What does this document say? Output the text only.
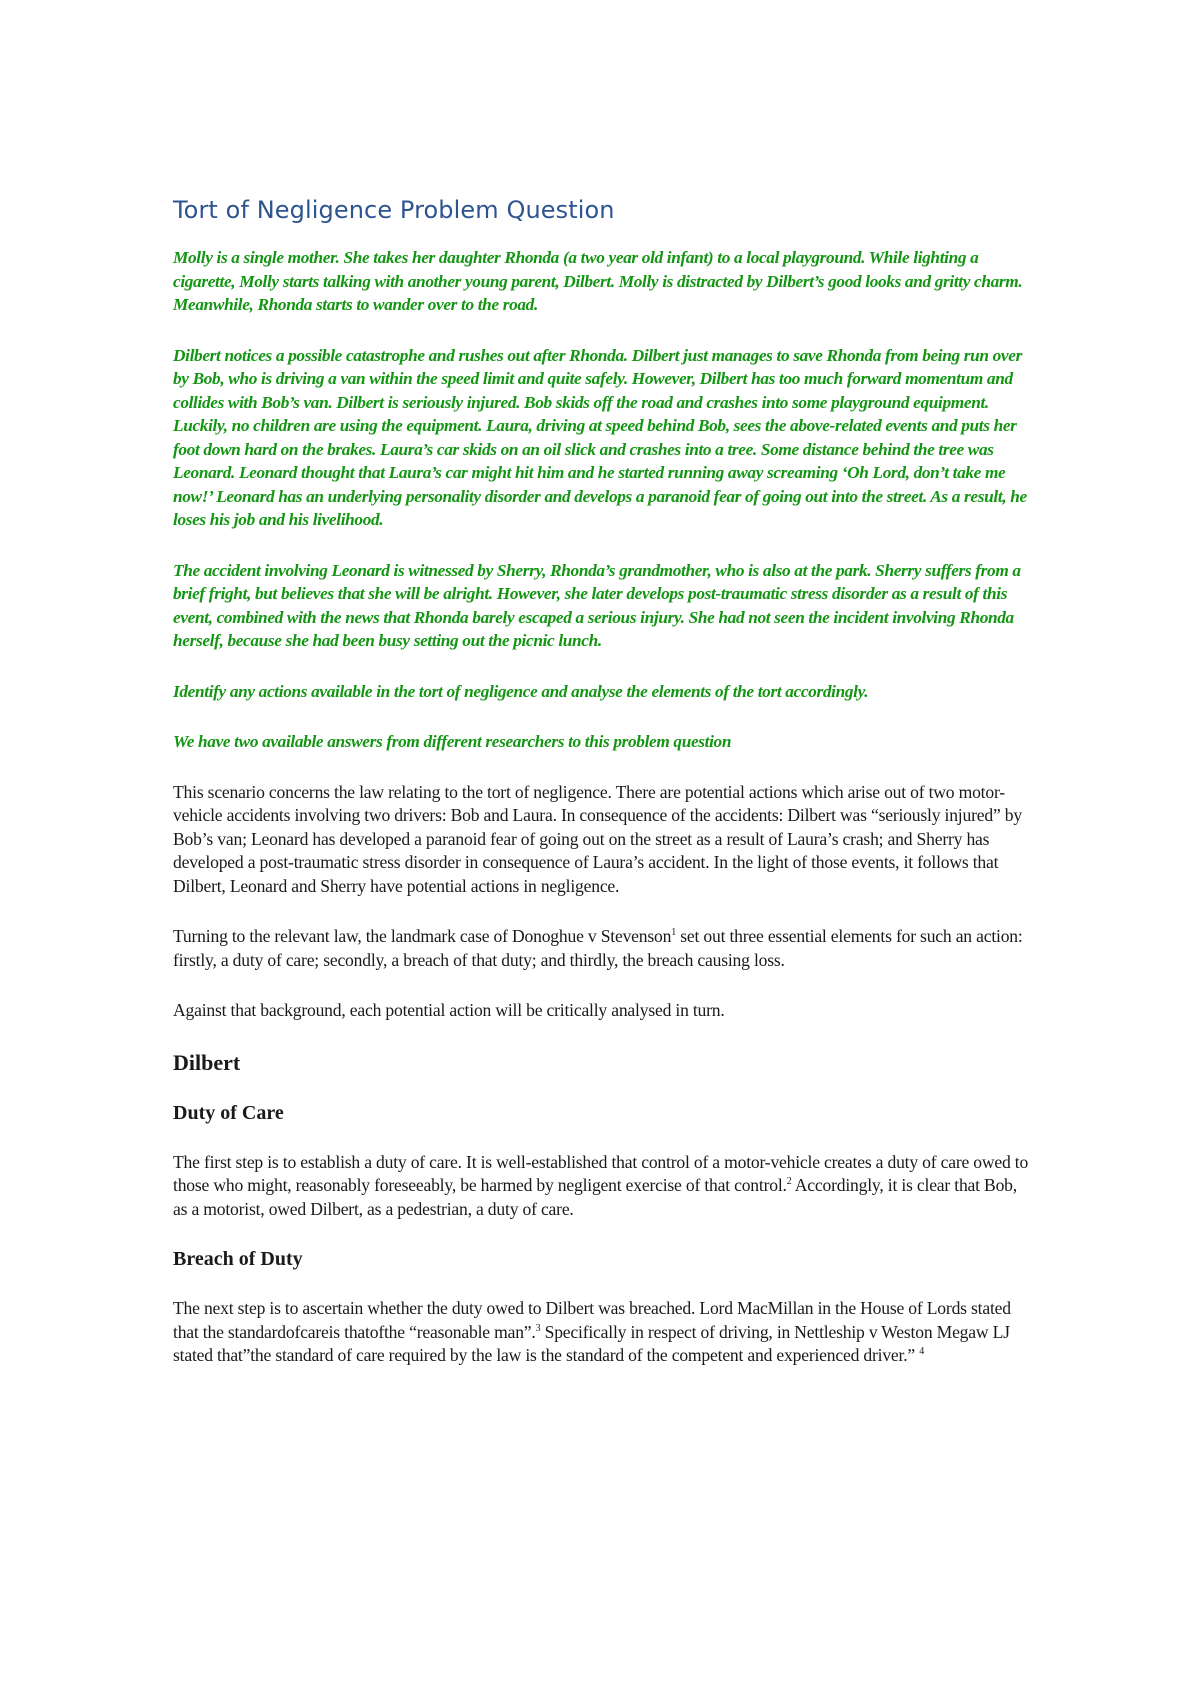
Tort of Negligence Problem Question

Molly is a single mother. She takes her daughter Rhonda (a two year old infant) to a local playground. While lighting a cigarette, Molly starts talking with another young parent, Dilbert. Molly is distracted by Dilbert’s good looks and gritty charm. Meanwhile, Rhonda starts to wander over to the road.

Dilbert notices a possible catastrophe and rushes out after Rhonda. Dilbert just manages to save Rhonda from being run over by Bob, who is driving a van within the speed limit and quite safely. However, Dilbert has too much forward momentum and collides with Bob’s van. Dilbert is seriously injured. Bob skids off the road and crashes into some playground equipment. Luckily, no children are using the equipment. Laura, driving at speed behind Bob, sees the above-related events and puts her foot down hard on the brakes. Laura’s car skids on an oil slick and crashes into a tree. Some distance behind the tree was Leonard. Leonard thought that Laura’s car might hit him and he started running away screaming ‘Oh Lord, don’t take me now!’ Leonard has an underlying personality disorder and develops a paranoid fear of going out into the street. As a result, he loses his job and his livelihood.

The accident involving Leonard is witnessed by Sherry, Rhonda’s grandmother, who is also at the park. Sherry suffers from a brief fright, but believes that she will be alright. However, she later develops post-traumatic stress disorder as a result of this event, combined with the news that Rhonda barely escaped a serious injury. She had not seen the incident involving Rhonda herself, because she had been busy setting out the picnic lunch.

Identify any actions available in the tort of negligence and analyse the elements of the tort accordingly.

We have two available answers from different researchers to this problem question

This scenario concerns the law relating to the tort of negligence. There are potential actions which arise out of two motor-vehicle accidents involving two drivers: Bob and Laura. In consequence of the accidents: Dilbert was “seriously injured” by Bob’s van; Leonard has developed a paranoid fear of going out on the street as a result of Laura’s crash; and Sherry has developed a post-traumatic stress disorder in consequence of Laura’s accident. In the light of those events, it follows that Dilbert, Leonard and Sherry have potential actions in negligence.

Turning to the relevant law, the landmark case of Donoghue v Stevenson$^1$ set out three essential elements for such an action: firstly, a duty of care; secondly, a breach of that duty; and thirdly, the breach causing loss.

Against that background, each potential action will be critically analysed in turn.

Dilbert
Duty of Care

The first step is to establish a duty of care. It is well-established that control of a motor-vehicle creates a duty of care owed to those who might, reasonably foreseeably, be harmed by negligent exercise of that control.$^2$ Accordingly, it is clear that Bob, as a motorist, owed Dilbert, as a pedestrian, a duty of care.

Breach of Duty

The next step is to ascertain whether the duty owed to Dilbert was breached. Lord MacMillan in the House of Lords stated that the standardofcareis thatofthe “reasonable man”.$^3$ Specifically in respect of driving, in Nettleship v Weston Megaw LJ stated that”the standard of care required by the law is the standard of the competent and experienced driver.” $^4$
